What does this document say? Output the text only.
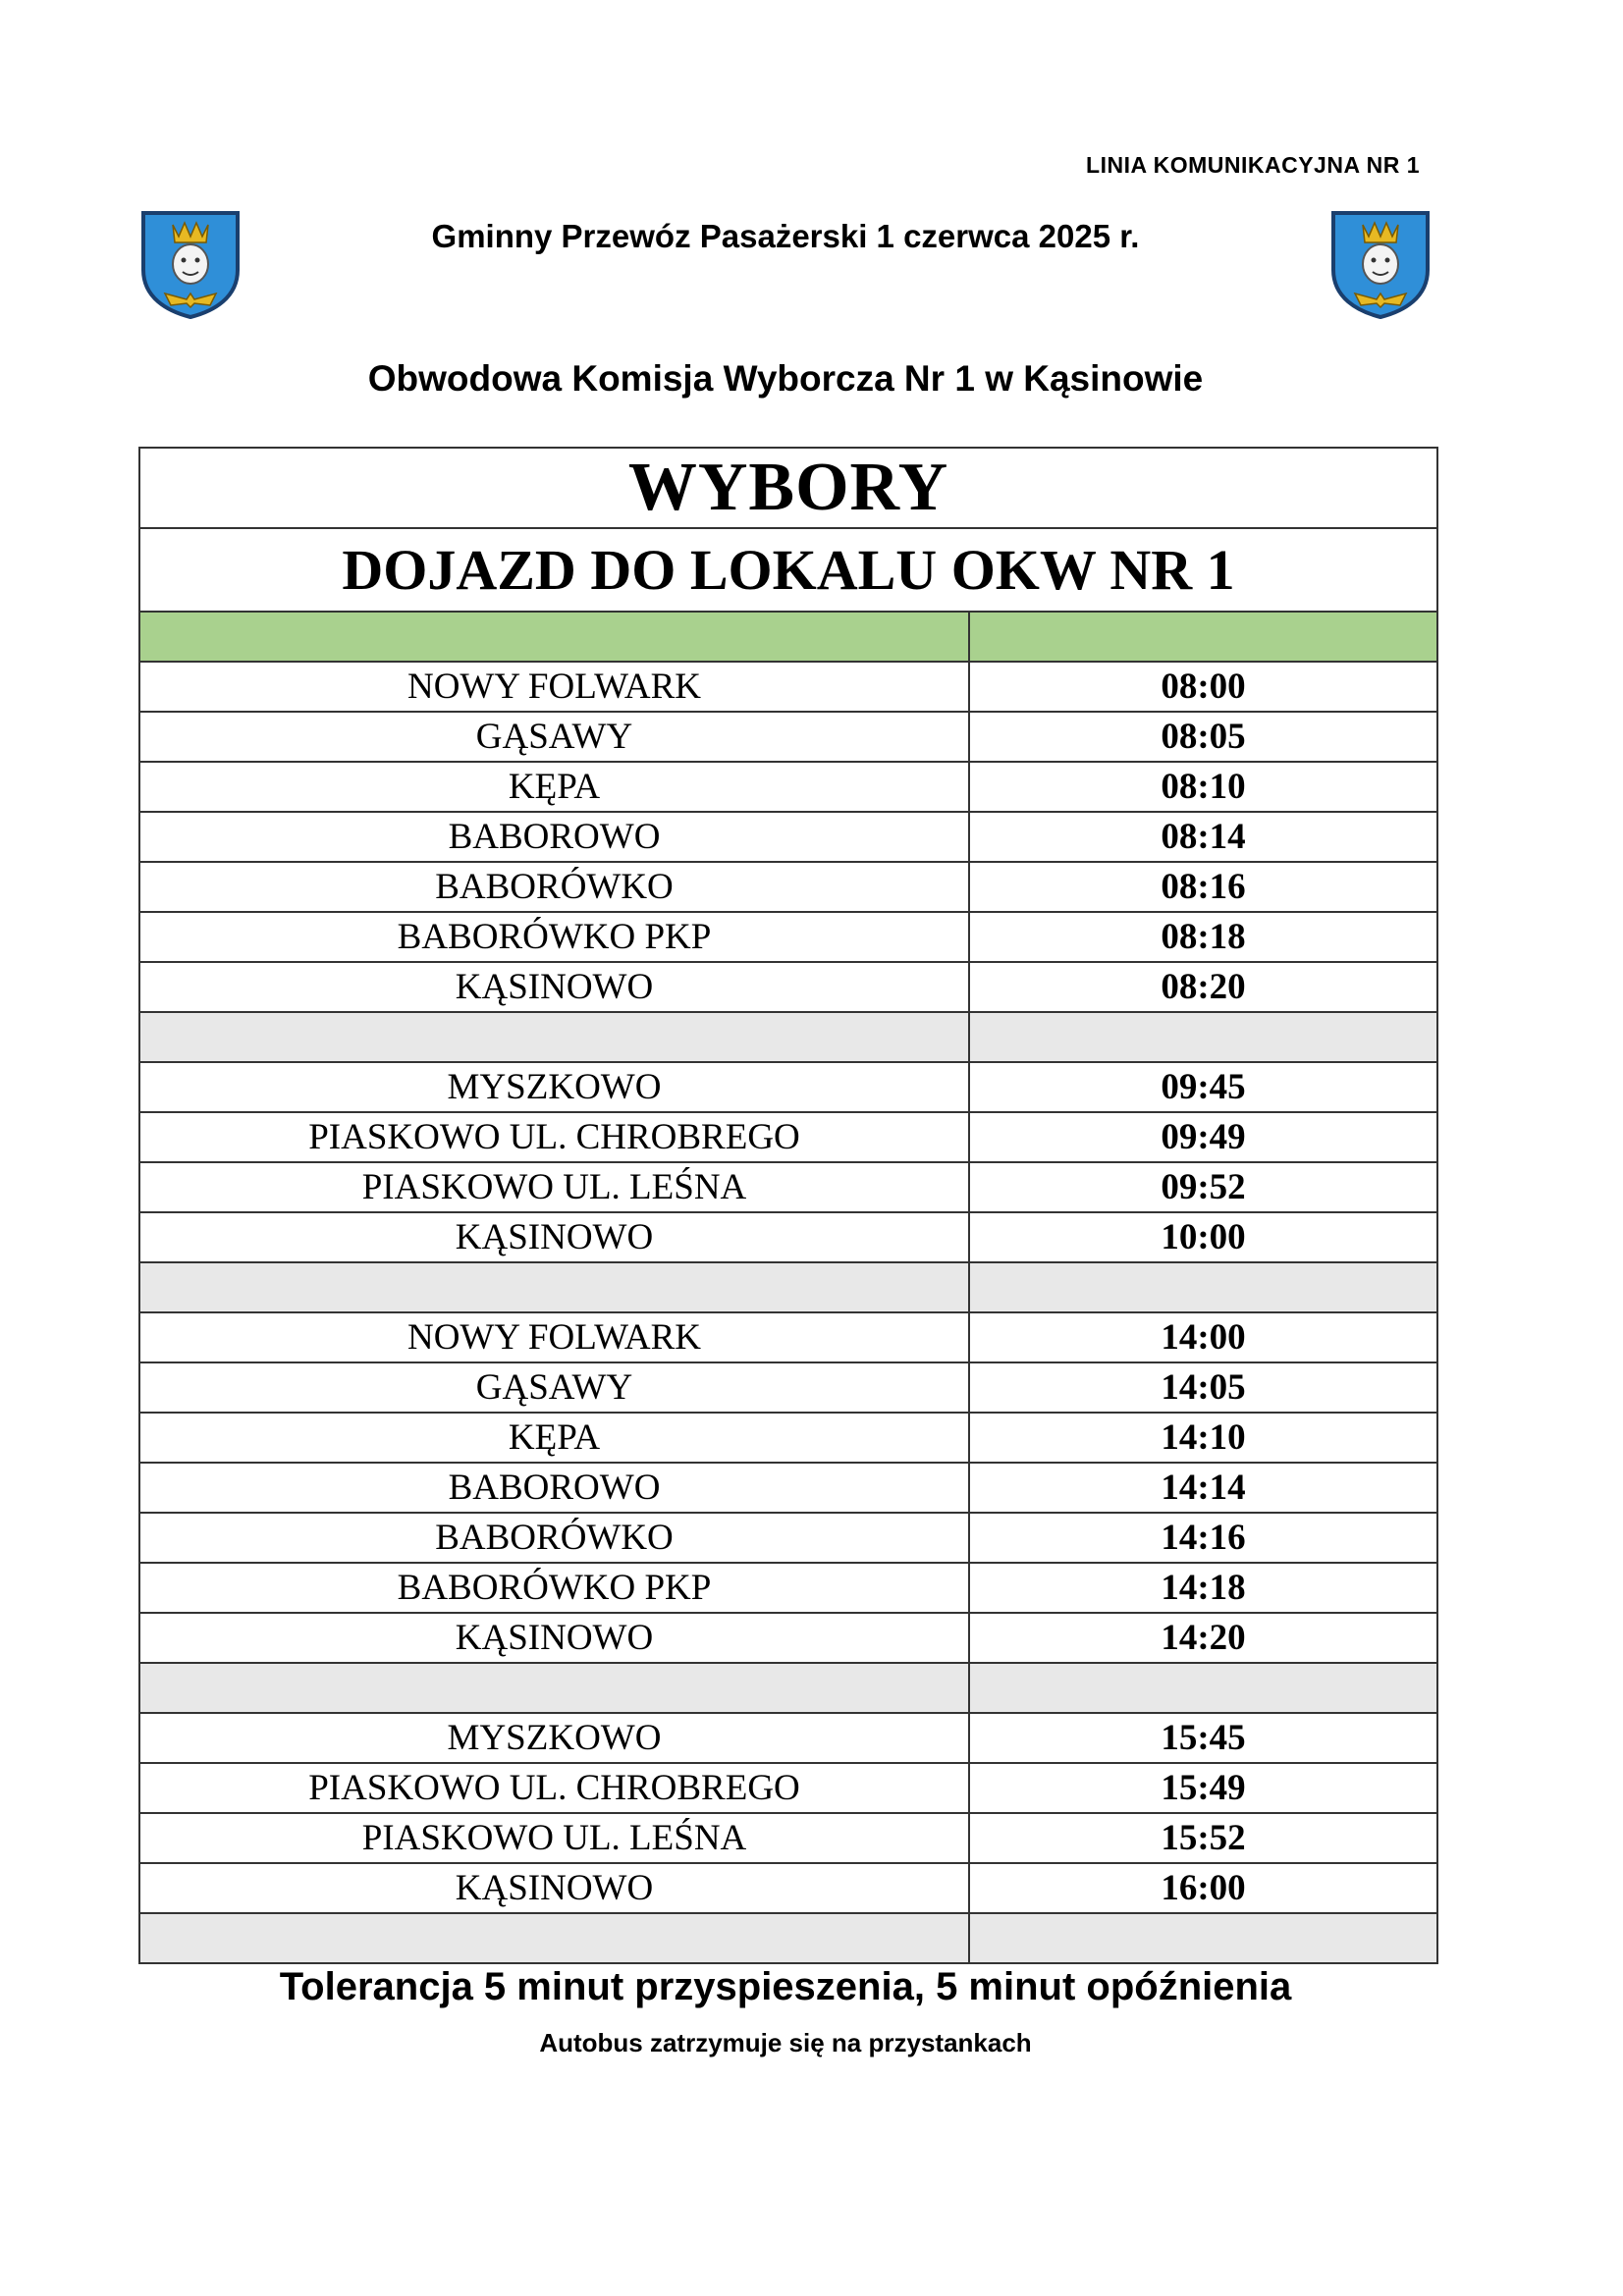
LINIA KOMUNIKACYJNA NR 1
Gminny Przewóz Pasażerski 1 czerwca 2025 r.
Obwodowa Komisja Wyborcza Nr 1 w Kąsinowie
WYBORY	
DOJAZD DO LOKALU OKW NR 1	

NOWY FOLWARK	08:00
GĄSAWY	08:05
KĘPA	08:10
BABOROWO	08:14
BABORÓWKO	08:16
BABORÓWKO PKP	08:18
KĄSINOWO	08:20

MYSZKOWO	09:45
PIASKOWO UL. CHROBREGO	09:49
PIASKOWO UL. LEŚNA	09:52
KĄSINOWO	10:00

NOWY FOLWARK	14:00
GĄSAWY	14:05
KĘPA	14:10
BABOROWO	14:14
BABORÓWKO	14:16
BABORÓWKO PKP	14:18
KĄSINOWO	14:20

MYSZKOWO	15:45
PIASKOWO UL. CHROBREGO	15:49
PIASKOWO UL. LEŚNA	15:52
KĄSINOWO	16:00

Tolerancja 5 minut przyspieszenia, 5 minut opóźnienia
Autobus zatrzymuje się na przystankach
